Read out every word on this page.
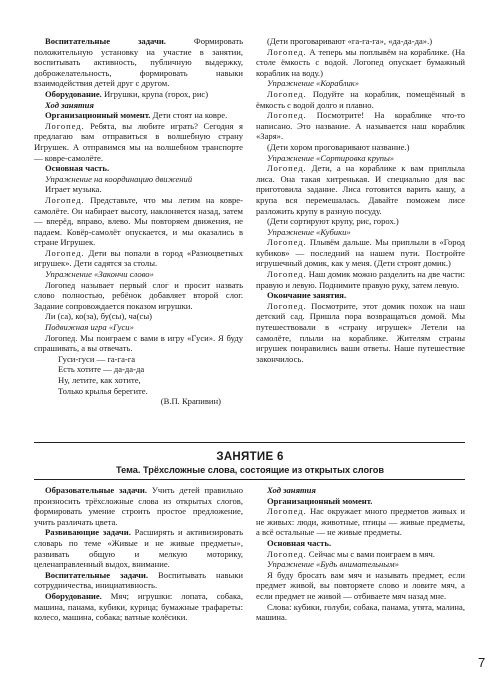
Воспитательные задачи. Формировать положительную установку на участие в занятии, воспитывать активность, публичную выдержку, доброжелательность, формировать навыки взаимодействия детей друг с другом.

Оборудование. Игрушки, крупа (горох, рис)

Ход занятия

Организационный момент. Дети стоят на ковре.

Логопед. Ребята, вы любите играть? Сегодня я предлагаю вам отправиться в волшебную страну Игрушек. А отправимся мы на волшебном транспорте — ковре-самолёте.

Основная часть.

Упражнение на координацию движений

Играет музыка.

Логопед. Представьте, что мы летим на ковре-самолёте. Он набирает высоту, наклоняется назад, затем — вперёд, вправо, влево. Мы повторяем движения, не падаем. Ковёр-самолёт опускается, и мы оказались в стране Игрушек.

Логопед. Дети вы попали в город «Разноцветных игрушек». Дети садятся за столы.

Упражнение «Закончи слово»

Логопед называет первый слог и просит назвать слово полностью, ребёнок добавляет второй слог. Задание сопровождается показом игрушки.

Ли (са), ко(за), бу(сы), ча(сы)

Подвижная игра «Гуси»

Логопед. Мы поиграем с вами в игру «Гуси». Я буду спрашивать, а вы отвечать.

Гуси-гуси — га-га-га

Есть хотите — да-да-да

Ну, летите, как хотите,

Только крылья берегите.

(В.П. Крапивин)

(Дети проговаривают «га-га-га», «да-да-да».)

Логопед. А теперь мы поплывём на кораблике. (На столе ёмкость с водой. Логопед опускает бумажный кораблик на воду.)

Упражнение «Кораблик»

Логопед. Подуйте на кораблик, помещённый в ёмкость с водой долго и плавно.

Логопед. Посмотрите! На кораблике что-то написано. Это название. А называется наш кораблик «Заря».

(Дети хором проговаривают название.)

Упражнение «Сортировка крупы»

Логопед. Дети, а на кораблике к вам приплыла лиса. Она такая хитренькая. И специально для вас приготовила задание. Лиса готовится варить кашу, а крупа вся перемешалась. Давайте поможем лисе разложить крупу в разную посуду.

(Дети сортируют крупу, рис, горох.)

Упражнение «Кубики»

Логопед. Плывём дальше. Мы приплыли в «Город кубиков» — последний на нашем пути. Постройте игрушечный домик, как у меня. (Дети строят домик.)

Логопед. Наш домик можно разделить на две части: правую и левую. Поднимите правую руку, затем левую.

Окончание занятия.

Логопед. Посмотрите, этот домик похож на наш детский сад. Пришла пора возвращаться домой. Мы путешествовали в «страну игрушек» Летели на самолёте, плыли на кораблике. Жителям страны игрушек понравились ваши ответы. Наше путешествие закончилось.

ЗАНЯТИЕ 6
Тема. Трёхсложные слова, состоящие из открытых слогов

Образовательные задачи. Учить детей правильно произносить трёхсложные слова из открытых слогов, формировать умение строить простое предложение, учить различать цвета.

Развивающие задачи. Расширять и активизировать словарь по теме «Живые и не живые предметы», развивать общую и мелкую моторику, целенаправленный выдох, внимание.

Воспитательные задачи. Воспитывать навыки сотрудничества, инициативность.

Оборудование. Мяч; игрушки: лопата, собака, машина, панама, кубики, курица; бумажные трафареты: колесо, машина, собака; ватные колёсики.

Ход занятия

Организационный момент.

Логопед. Нас окружает много предметов живых и не живых: люди, животные, птицы — живые предметы, а всё остальные — не живые предметы.

Основная часть.

Логопед. Сейчас мы с вами поиграем в мяч.

Упражнение «Будь внимательным»

Я буду бросать вам мяч и называть предмет, если предмет живой, вы повторяете слово и ловите мяч, а если предмет не живой — отбиваете мяч назад мне.

Слова: кубики, голуби, собака, панама, утята, малина, машина.

7
